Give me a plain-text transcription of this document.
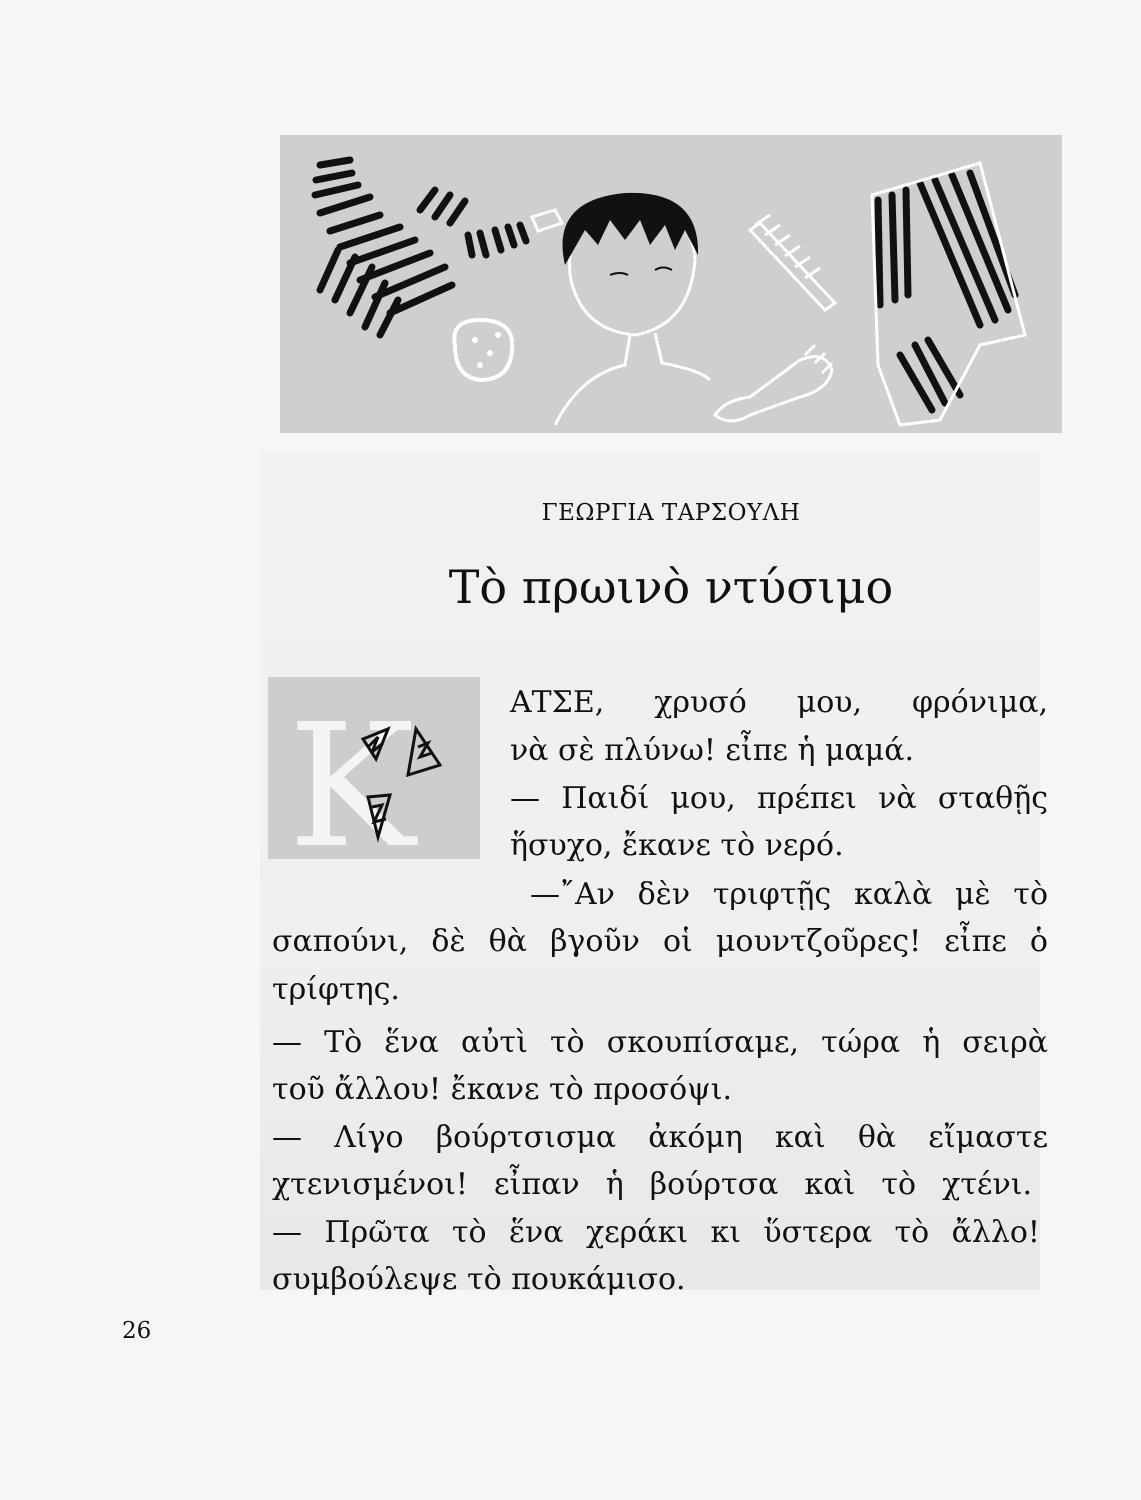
ΓΕΩΡΓΙΑ ΤΑΡΣΟΥΛΗ
Τὸ πρωινὸ ντύσιμο
Κ	ΑΤΣΕ, χρυσό μου, φρόνιμα,
νὰ σὲ πλύνω! εἶπε ἡ μαμά.
— Παιδί μου, πρέπει νὰ σταθῇς
ἥσυχο, ἔκανε τὸ νερό.
—῎Αν δὲν τριφτῇς καλὰ μὲ τὸ
σαπούνι, δὲ θὰ βγοῦν οἱ μουντζοῦρες! εἶπε ὁ
τρίφτης.
— Τὸ ἕνα αὐτὶ τὸ σκουπίσαμε, τώρα ἡ σειρὰ
τοῦ ἄλλου! ἔκανε τὸ προσόψι.
— Λίγο βούρτσισμα ἀκόμη καὶ θὰ εἴμαστε
χτενισμένοι! εἶπαν ἡ βούρτσα καὶ τὸ χτένι.
— Πρῶτα τὸ ἕνα χεράκι κι ὕστερα τὸ ἄλλο!
συμβούλεψε τὸ πουκάμισο.
26
